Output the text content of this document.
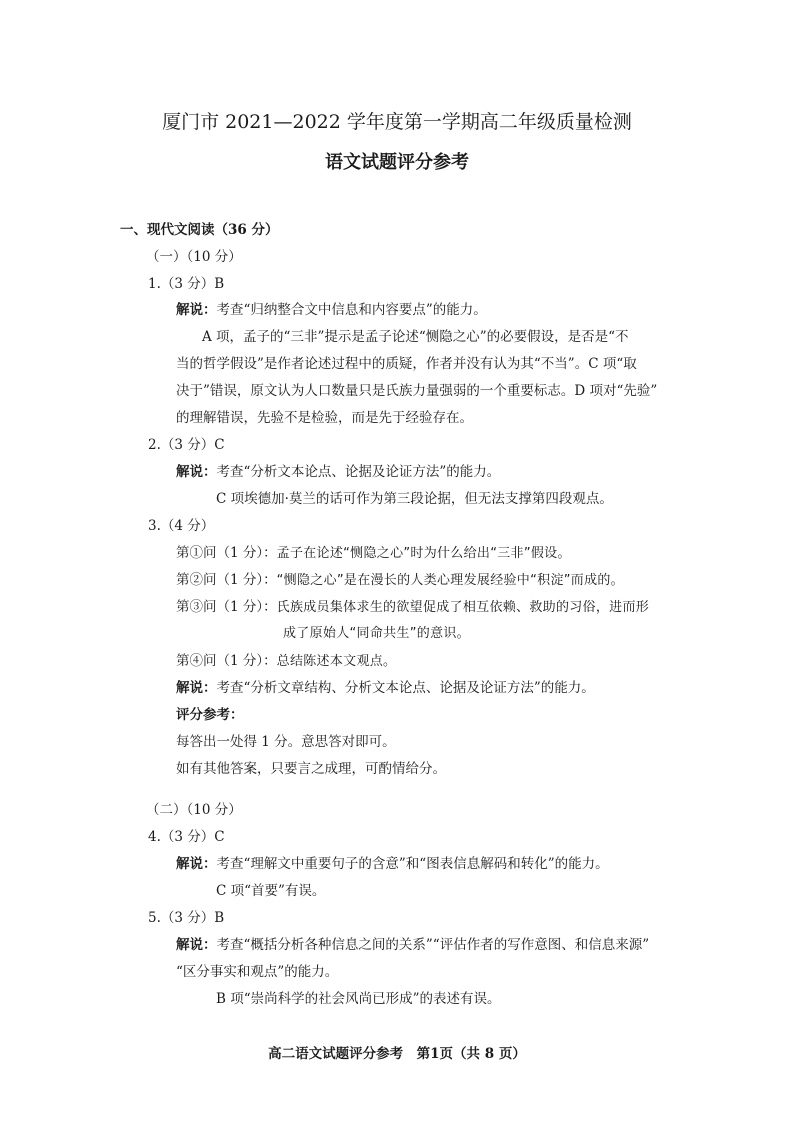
厦门市 2021—2022 学年度第一学期高二年级质量检测
语文试题评分参考
一、现代文阅读（36 分）
（一）（10 分）
1.（3 分）B
解说：考查“归纳整合文中信息和内容要点”的能力。
A 项，孟子的“三非”提示是孟子论述“恻隐之心”的必要假设，是否是“不
当的哲学假设”是作者论述过程中的质疑，作者并没有认为其“不当”。C 项“取
决于”错误，原文认为人口数量只是氏族力量强弱的一个重要标志。D 项对“先验”
的理解错误，先验不是检验，而是先于经验存在。
2.（3 分）C
解说：考查“分析文本论点、论据及论证方法”的能力。
C 项埃德加·莫兰的话可作为第三段论据，但无法支撑第四段观点。
3.（4 分）
第①问（1 分）：孟子在论述“恻隐之心”时为什么给出“三非”假设。
第②问（1 分）：“恻隐之心”是在漫长的人类心理发展经验中“积淀”而成的。
第③问（1 分）：氏族成员集体求生的欲望促成了相互依赖、救助的习俗，进而形
成了原始人“同命共生”的意识。
第④问（1 分）：总结陈述本文观点。
解说：考查“分析文章结构、分析文本论点、论据及论证方法”的能力。
评分参考：
每答出一处得 1 分。意思答对即可。
如有其他答案，只要言之成理，可酌情给分。
（二）（10 分）
4.（3 分）C
解说：考查“理解文中重要句子的含意”和“图表信息解码和转化”的能力。
C 项“首要”有误。
5.（3 分）B
解说：考查“概括分析各种信息之间的关系”“评估作者的写作意图、和信息来源”
“区分事实和观点”的能力。
B 项“崇尚科学的社会风尚已形成”的表述有误。
高二语文试题评分参考　第1页（共 8 页）
